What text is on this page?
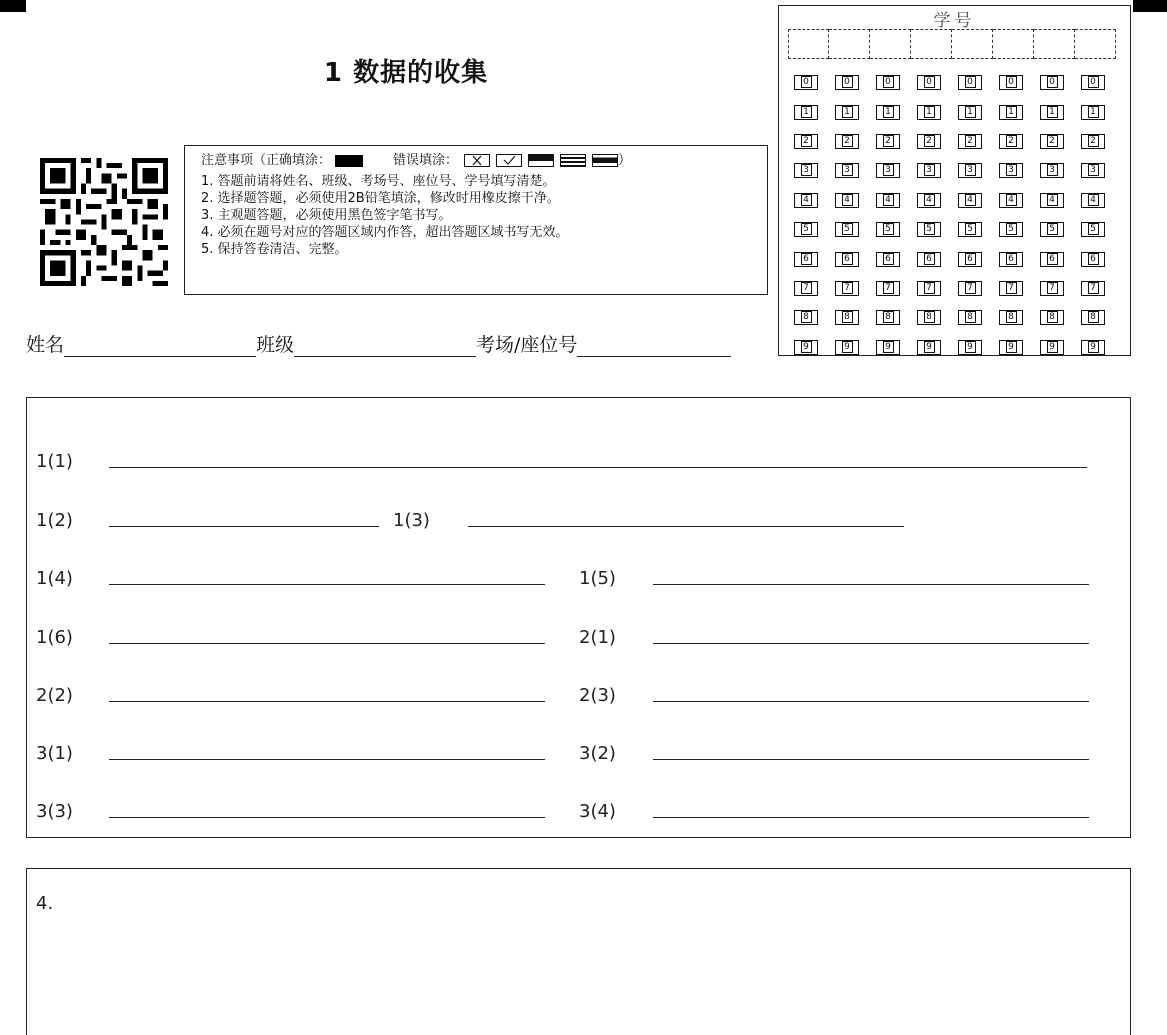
1 数据的收集
注意事项（正确填涂：	错误填涂：	）
1. 答题前请将姓名、班级、考场号、座位号、学号填写清楚。
2. 选择题答题，必须使用2B铅笔填涂，修改时用橡皮擦干净。
3. 主观题答题，必须使用黑色签字笔书写。
4. 必须在题号对应的答题区域内作答，超出答题区域书写无效。
5. 保持答卷清洁、完整。
学号
0	0	0	0	0	0	0	0
1	1	1	1	1	1	1	1
2	2	2	2	2	2	2	2
3	3	3	3	3	3	3	3
4	4	4	4	4	4	4	4
5	5	5	5	5	5	5	5
6	6	6	6	6	6	6	6
7	7	7	7	7	7	7	7
8	8	8	8	8	8	8	8
9	9	9	9	9	9	9	9
姓名	班级	考场/座位号
1(1)
1(2)	1(3)
1(4)	1(5)
1(6)	2(1)
2(2)	2(3)
3(1)	3(2)
3(3)	3(4)
4.
